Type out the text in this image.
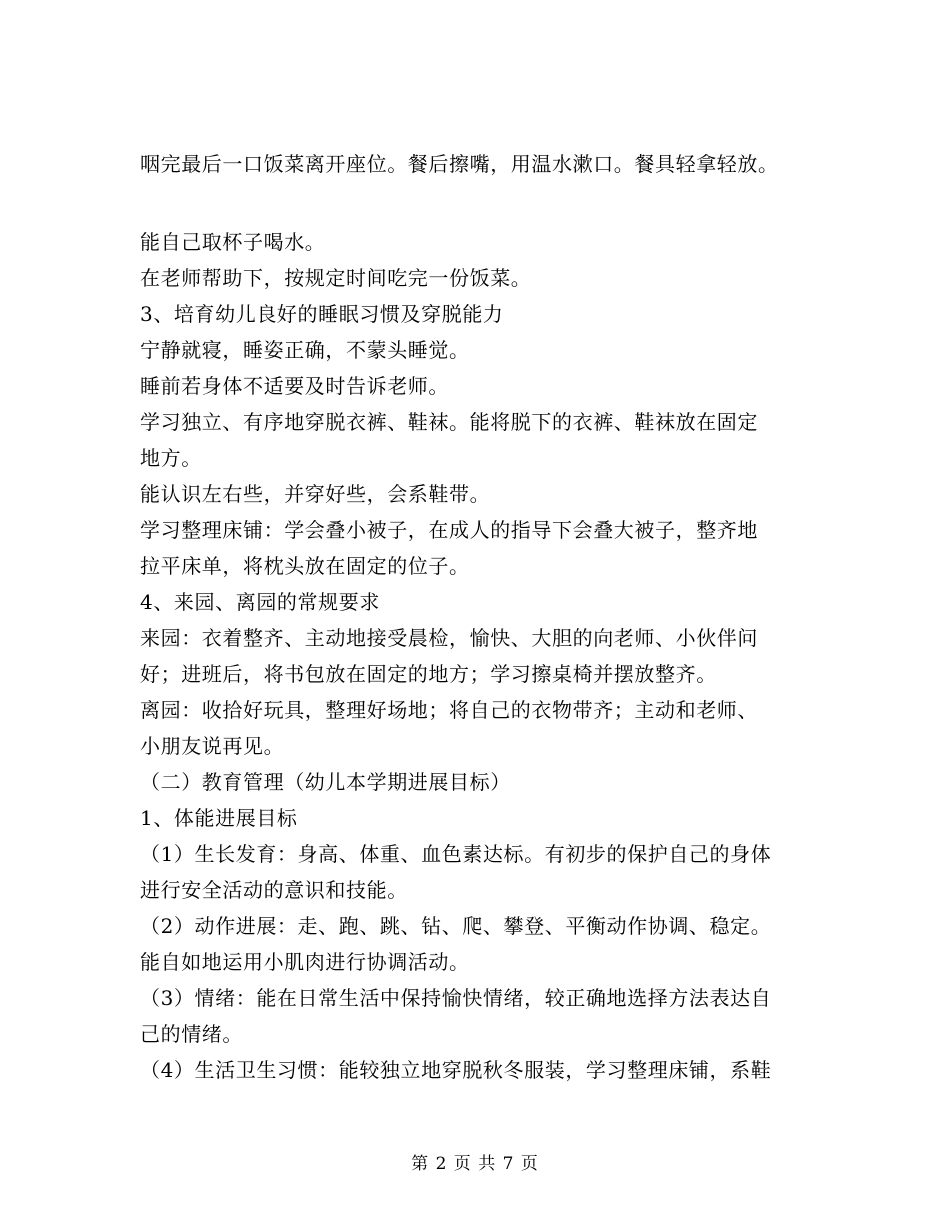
咽完最后一口饭菜离开座位。餐后擦嘴，用温水漱口。餐具轻拿轻放。
能自己取杯子喝水。
在老师帮助下，按规定时间吃完一份饭菜。
3、培育幼儿良好的睡眠习惯及穿脱能力
宁静就寝，睡姿正确，不蒙头睡觉。
睡前若身体不适要及时告诉老师。
学习独立、有序地穿脱衣裤、鞋袜。能将脱下的衣裤、鞋袜放在固定
地方。
能认识左右些，并穿好些，会系鞋带。
学习整理床铺：学会叠小被子，在成人的指导下会叠大被子，整齐地
拉平床单，将枕头放在固定的位子。
4、来园、离园的常规要求
来园：衣着整齐、主动地接受晨检，愉快、大胆的向老师、小伙伴问
好；进班后，将书包放在固定的地方；学习擦桌椅并摆放整齐。
离园：收拾好玩具，整理好场地；将自己的衣物带齐；主动和老师、
小朋友说再见。
（二）教育管理（幼儿本学期进展目标）
1、体能进展目标
（1）生长发育：身高、体重、血色素达标。有初步的保护自己的身体
进行安全活动的意识和技能。
（2）动作进展：走、跑、跳、钻、爬、攀登、平衡动作协调、稳定。
能自如地运用小肌肉进行协调活动。
（3）情绪：能在日常生活中保持愉快情绪，较正确地选择方法表达自
己的情绪。
（4）生活卫生习惯：能较独立地穿脱秋冬服装，学习整理床铺，系鞋
第 2 页 共 7 页
